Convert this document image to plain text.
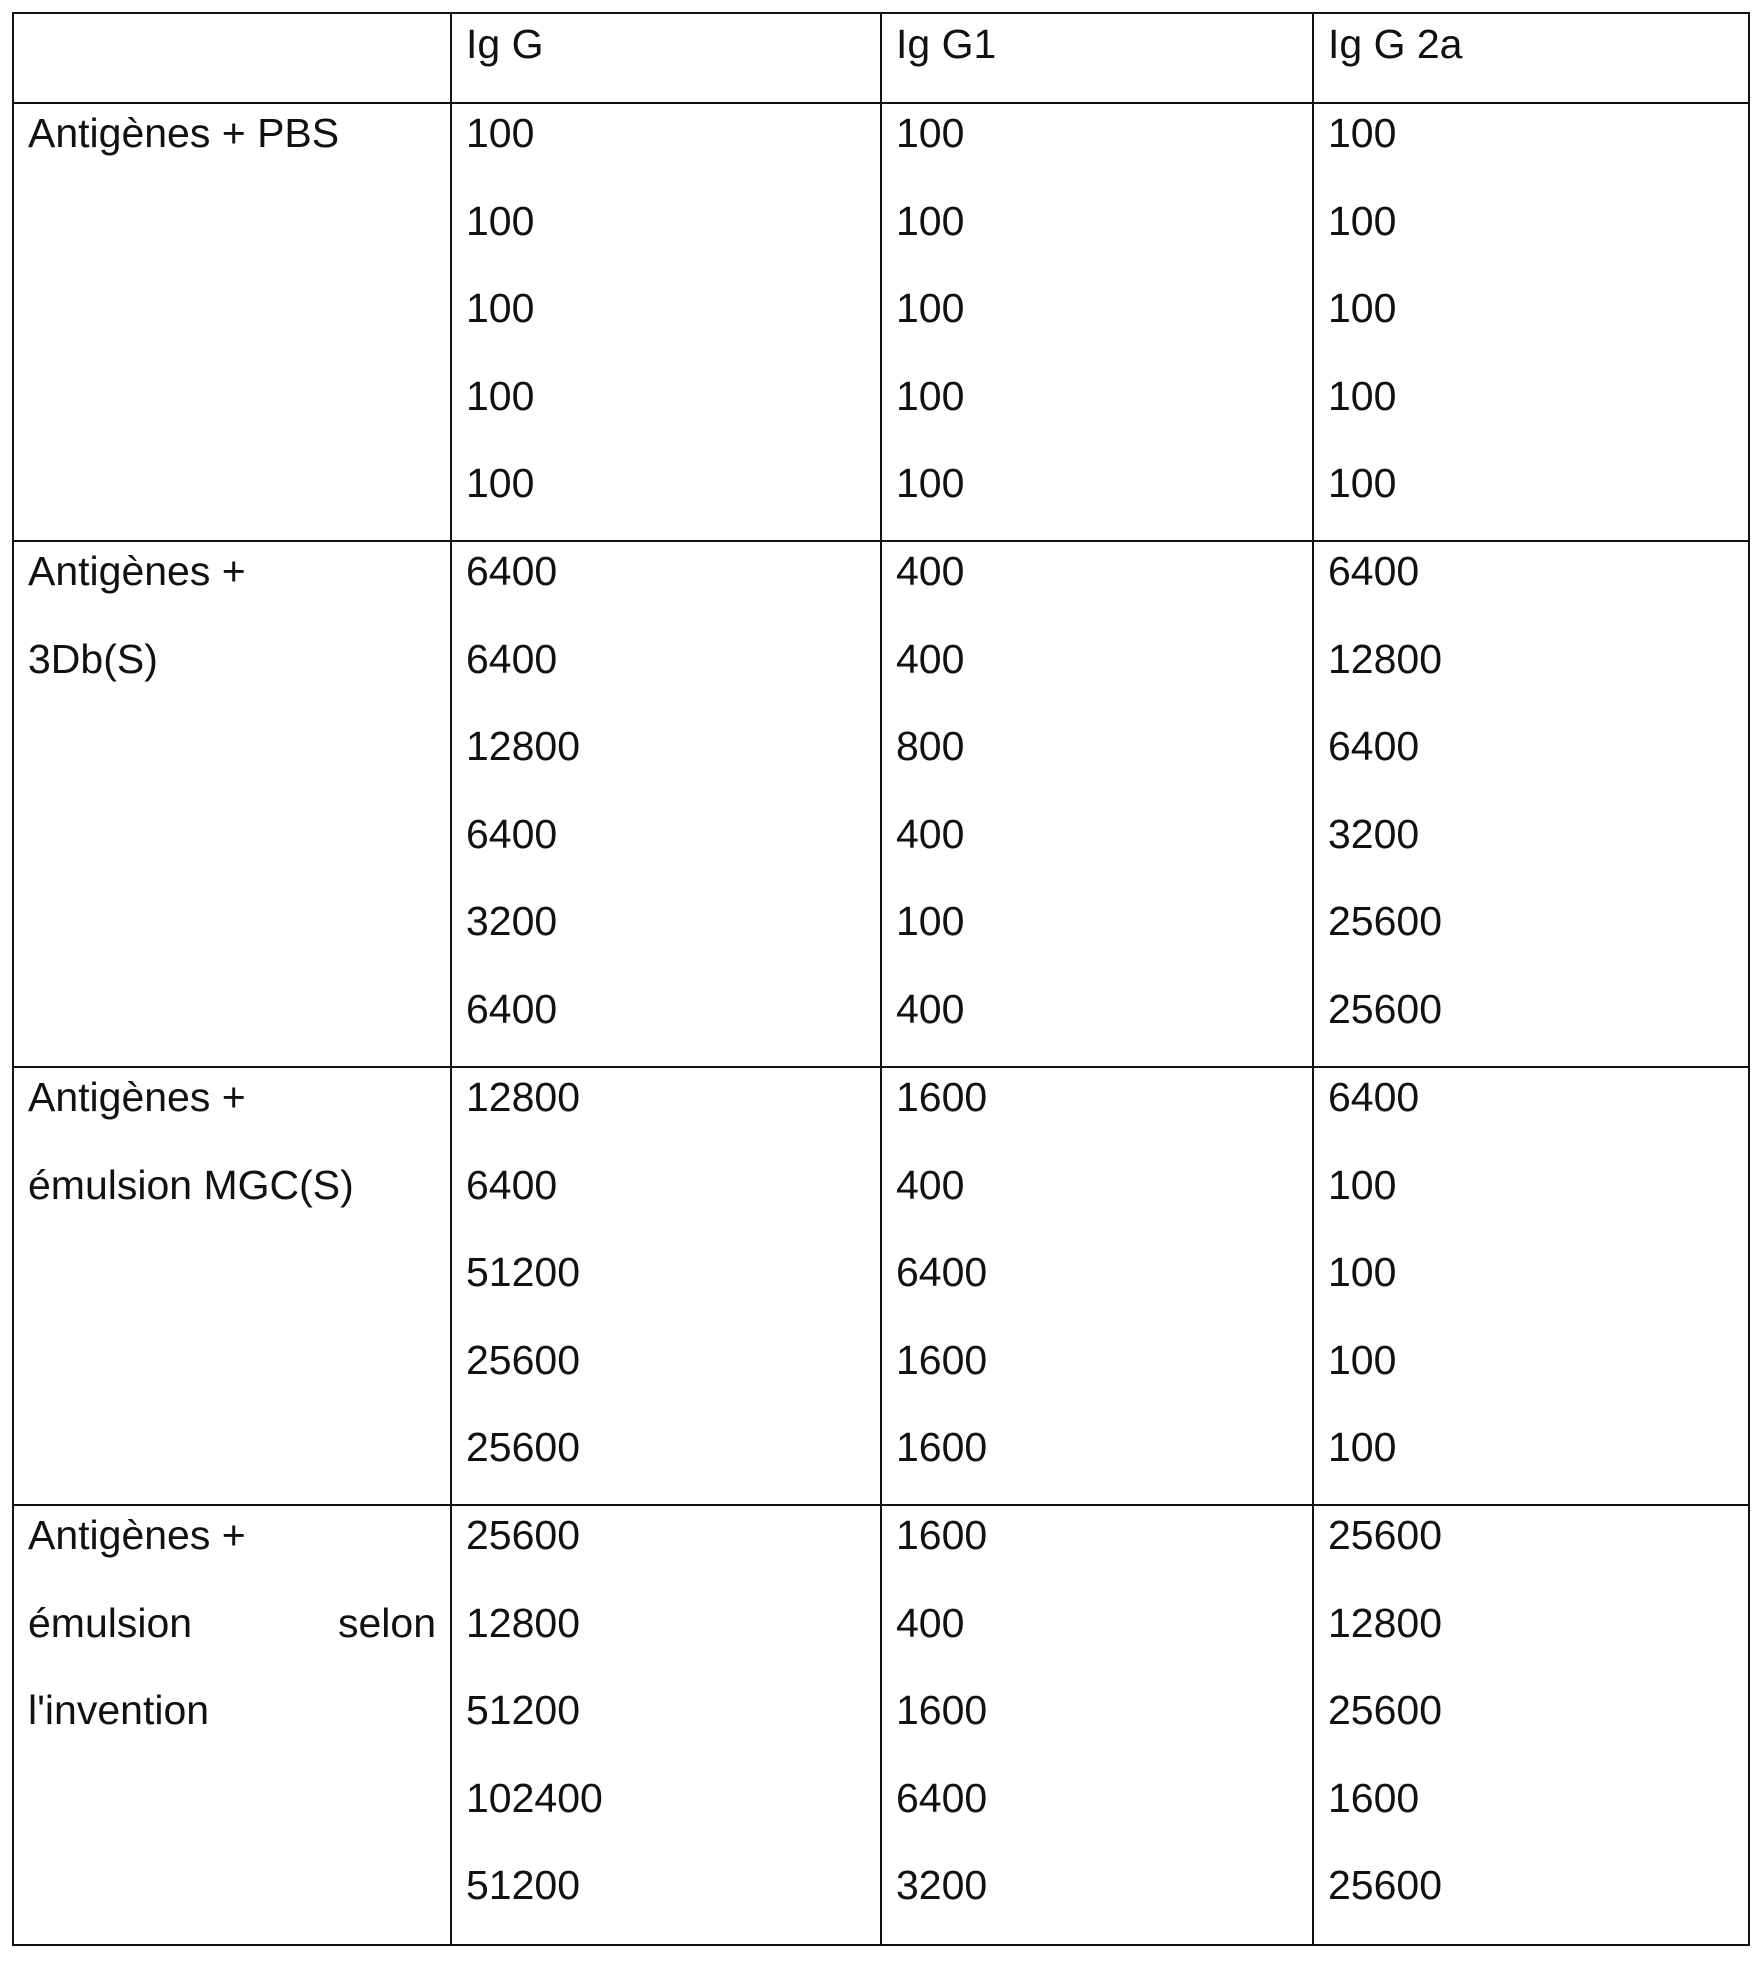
Ig G	Ig G1	Ig G 2a

Antigènes + PBS	100
100
100
100
100

100
100
100
100
100

100
100
100
100
100

Antigènes +
3Db(S)

6400
6400
12800
6400
3200
6400

400
400
800
400
100
400

6400
12800
6400
3200
25600
25600

Antigènes +
émulsion MGC(S)

12800
6400
51200
25600
25600

1600
400
6400
1600
1600

6400
100
100
100
100

Antigènes +
émulsion	selon
l'invention

25600
12800
51200
102400
51200

1600
400
1600
6400
3200

25600
12800
25600
1600
25600
